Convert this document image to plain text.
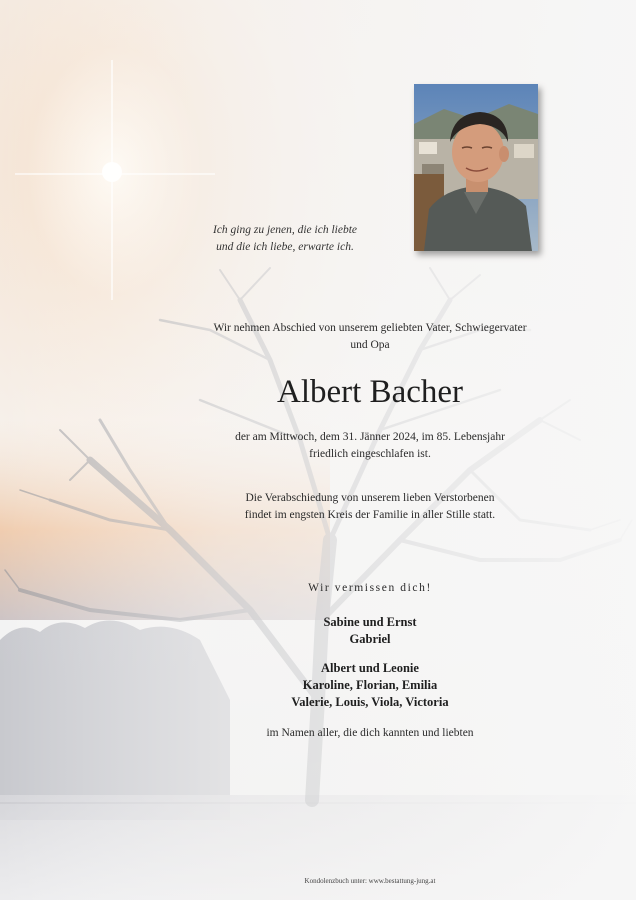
Ich ging zu jenen, die ich liebte
und die ich liebe, erwarte ich.
Wir nehmen Abschied von unserem geliebten Vater, Schwiegervater
und Opa
Albert Bacher
der am Mittwoch, dem 31. Jänner 2024, im 85. Lebensjahr
friedlich eingeschlafen ist.
Die Verabschiedung von unserem lieben Verstorbenen
findet im engsten Kreis der Familie in aller Stille statt.
Wir vermissen dich!
Sabine und Ernst
Gabriel
Albert und Leonie
Karoline, Florian, Emilia
Valerie, Louis, Viola, Victoria
im Namen aller, die dich kannten und liebten
Kondolenzbuch unter: www.bestattung-jung.at
